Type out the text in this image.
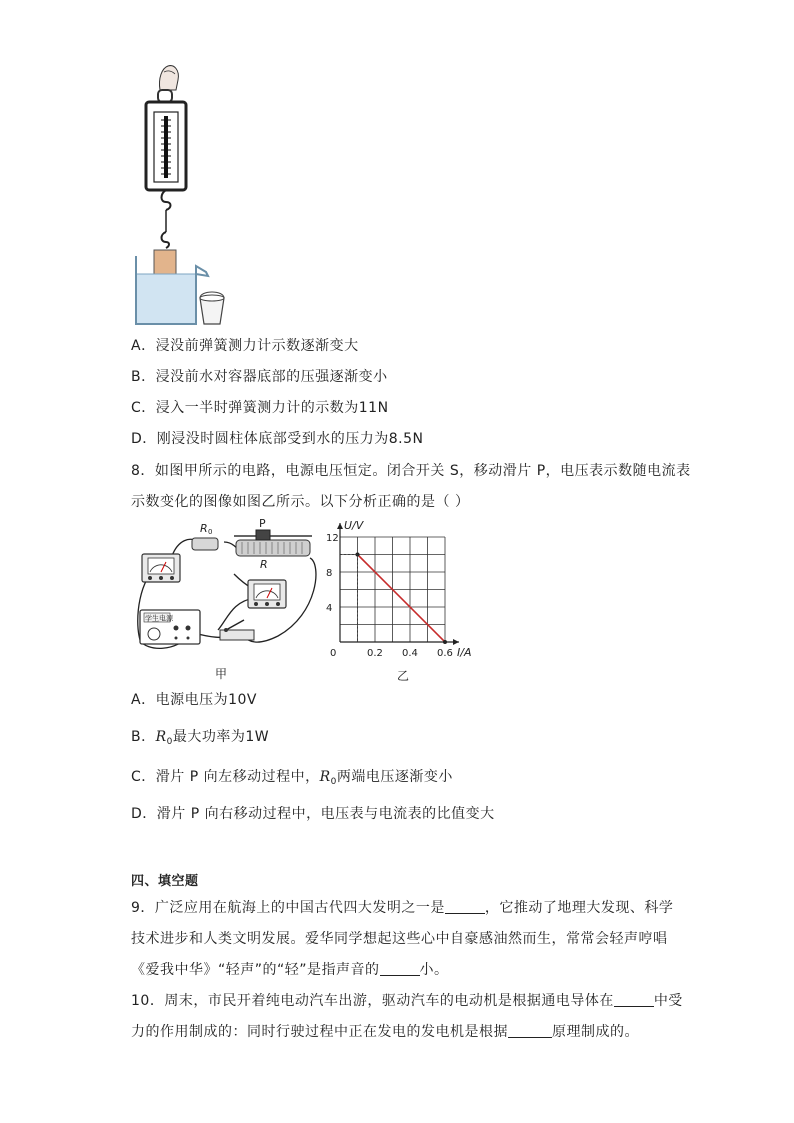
A．浸没前弹簧测力计示数逐渐变大
B．浸没前水对容器底部的压强逐渐变小
C．浸入一半时弹簧测力计的示数为11N
D．刚浸没时圆柱体底部受到水的压力为8.5N
8．如图甲所示的电路，电源电压恒定。闭合开关 S，移动滑片 P，电压表示数随电流表
示数变化的图像如图乙所示。以下分析正确的是（ ）
R 0
P
R
学生电源
甲
0.2 0.4 0.6
4
8
12
0
U/V
I/A
乙
A．电源电压为10V
B．$R_0$最大功率为1W
C．滑片 P 向左移动过程中，$R_0$两端电压逐渐变小
D．滑片 P 向右移动过程中，电压表与电流表的比值变大
四、填空题
9．广泛应用在航海上的中国古代四大发明之一是	，它推动了地理大发现、科学
技术进步和人类文明发展。爱华同学想起这些心中自豪感油然而生，常常会轻声哼唱
《爱我中华》“轻声”的“轻”是指声音的	小。
10．周末，市民开着纯电动汽车出游，驱动汽车的电动机是根据通电导体在	中受
力的作用制成的：同时行驶过程中正在发电的发电机是根据	原理制成的。
